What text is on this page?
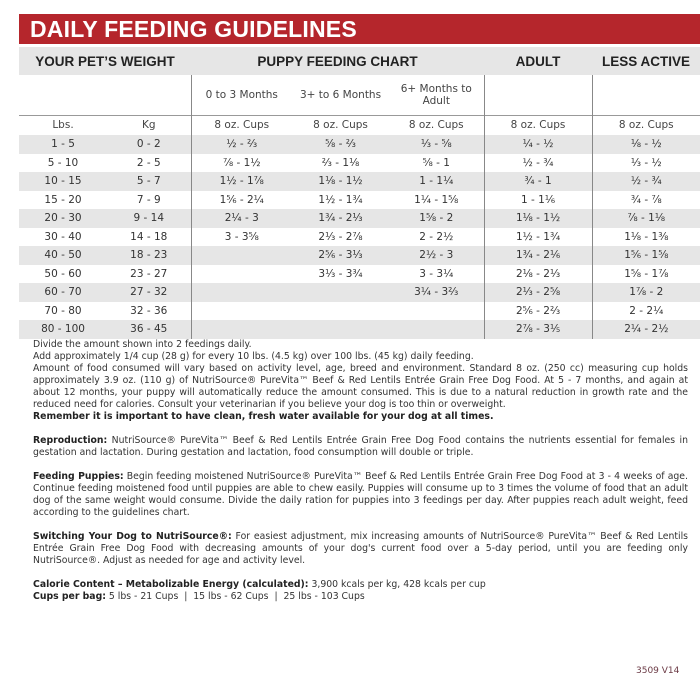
DAILY FEEDING GUIDELINES
YOUR PET’S WEIGHT		PUPPY FEEDING CHART			ADULT	LESS ACTIVE
		0 to 3 Months	3+ to 6 Months	6+ Months to Adult		
Lbs.	Kg	8 oz. Cups	8 oz. Cups	8 oz. Cups	8 oz. Cups	8 oz. Cups
1 - 5	0 - 2	½ - ⅔	⅝ - ⅔	⅓ - ⅝	¼ - ½	⅛ - ½
5 - 10	2 - 5	⅞ - 1½	⅔ - 1⅛	⅝ - 1	½ - ¾	⅓ - ½
10 - 15	5 - 7	1½ - 1⅞	1⅛ - 1½	1 - 1¼	¾ - 1	½ - ¾
15 - 20	7 - 9	1⅚ - 2¼	1½ - 1¾	1¼ - 1⅝	1 - 1⅙	¾ - ⅞
20 - 30	9 - 14	2¼ - 3	1¾ - 2⅓	1⅝ - 2	1⅛ - 1½	⅞ - 1⅛
30 - 40	14 - 18	3 - 3⅝	2⅓ - 2⅞	2 - 2½	1½ - 1¾	1⅛ - 1⅜
40 - 50	18 - 23		2⅚ - 3⅓	2½ - 3	1¾ - 2⅙	1⅚ - 1⅝
50 - 60	23 - 27		3⅓ - 3¾	3 - 3¼	2⅛ - 2⅓	1⅝ - 1⅞
60 - 70	27 - 32			3¼ - 3⅔	2⅓ - 2⅝	1⅞ - 2
70 - 80	32 - 36				2⅚ - 2⅔	2 - 2¼
80 - 100	36 - 45				2⅞ - 3⅕	2¼ - 2½

Divide the amount shown into 2 feedings daily.

Add approximately 1/4 cup (28 g) for every 10 lbs. (4.5 kg) over 100 lbs. (45 kg) daily feeding.

Amount of food consumed will vary based on activity level, age, breed and environment. Standard 8 oz. (250 cc) measuring cup holds approximately 3.9 oz. (110 g) of NutriSource® PureVita™ Beef & Red Lentils Entrée Grain Free Dog Food. At 5 - 7 months, and again at about 12 months, your puppy will automatically reduce the amount consumed. This is due to a natural reduction in growth rate and the reduced need for calories. Consult your veterinarian if you believe your dog is too thin or overweight.

Remember it is important to have clean, fresh water available for your dog at all times.

Reproduction: NutriSource® PureVita™ Beef & Red Lentils Entrée Grain Free Dog Food contains the nutrients essential for females in gestation and lactation. During gestation and lactation, food consumption will double or triple.

Feeding Puppies: Begin feeding moistened NutriSource® PureVita™ Beef & Red Lentils Entrée Grain Free Dog Food at 3 - 4 weeks of age. Continue feeding moistened food until puppies are able to chew easily. Puppies will consume up to 3 times the volume of food that an adult dog of the same weight would consume. Divide the daily ration for puppies into 3 feedings per day. After puppies reach adult weight, feed according to the guidelines chart.

Switching Your Dog to NutriSource®: For easiest adjustment, mix increasing amounts of NutriSource® PureVita™ Beef & Red Lentils Entrée Grain Free Dog Food with decreasing amounts of your dog's current food over a 5-day period, until you are feeding only NutriSource®. Adjust as needed for age and activity level.

Calorie Content – Metabolizable Energy (calculated): 3,900 kcals per kg, 428 kcals per cup

Cups per bag: 5 lbs - 21 Cups  |  15 lbs - 62 Cups  |  25 lbs - 103 Cups

3509 V14
